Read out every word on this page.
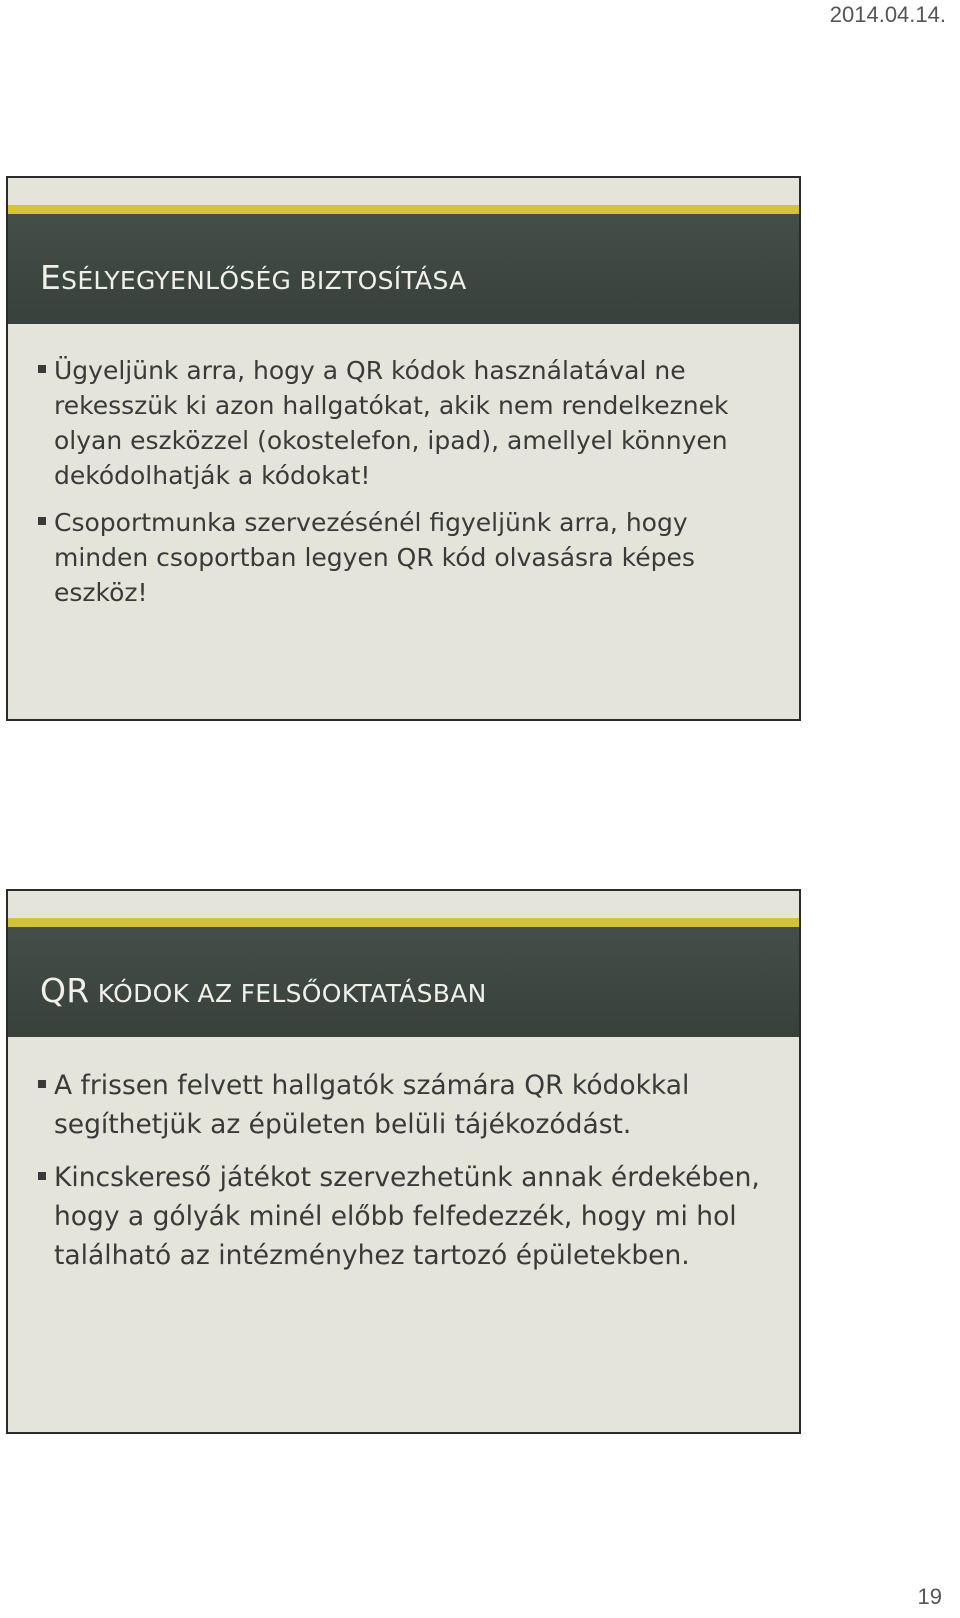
2014.04.14.
ESÉLYEGYENLŐSÉG BIZTOSÍTÁSA
Ügyeljünk arra, hogy a QR kódok használatával ne rekesszük ki azon hallgatókat, akik nem rendelkeznek olyan eszközzel (okostelefon, ipad), amellyel könnyen dekódolhatják a kódokat!
Csoportmunka szervezésénél figyeljünk arra, hogy minden csoportban legyen QR kód olvasásra képes eszköz!
QR KÓDOK AZ FELSŐOKTATÁSBAN
A frissen felvett hallgatók számára QR kódokkal segíthetjük az épületen belüli tájékozódást.
Kincskereső játékot szervezhetünk annak érdekében, hogy a gólyák minél előbb felfedezzék, hogy mi hol található az intézményhez tartozó épületekben.
19
